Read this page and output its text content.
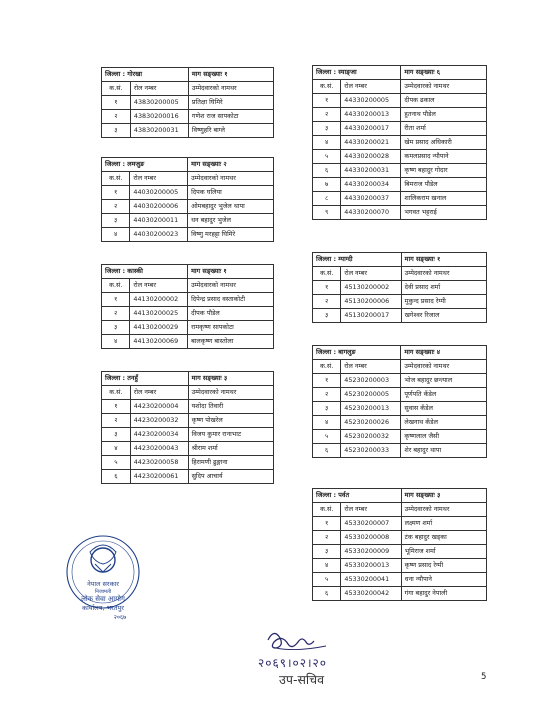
जिल्ला : गोरखा		माग सङ्ख्याः १
क.सं.	रोल नम्बर	उम्मेदवारको नामथर
१	43830200005	प्रतिक्षा घिमिरे
२	43830200016	गणेश राज सापकोटा
३	43830200031	विष्णुहरि बाग्ले
जिल्ला : लमजुङ		माग सङ्ख्याः २
क.सं.	रोल नम्बर	उम्मेदवारको नामथर
१	44030200005	दिपक घलिया
२	44030200006	ओमबहादुर भुजेल थापा
३	44030200011	धन बहादुर भुजेल
४	44030200023	विष्णु मरहट्टा घिमिरे
जिल्ला : कास्की		माग सङ्ख्याः १
क.सं.	रोल नम्बर	उम्मेदवारको नामथर
१	44130200002	दिपेन्द्र प्रसाद वस्ताकोटी
२	44130200025	दीपक पौडेल
३	44130200029	रामकृष्ण सापकोटा
४	44130200069	बालकृष्ण बास्तोला
जिल्ला : तनहुँ		माग सङ्ख्याः ३
क.सं.	रोल नम्बर	उम्मेदवारको नामथर
१	44230200004	यशोदा तिवारी
२	44230200032	कृष्ण पोखरेल
३	44230200034	विजय कुमार रानाभाट
४	44230200043	श्रीराम शर्मा
५	44230200058	हिरामणी ढुङ्गाना
६	44230200061	सुदिप आचार्य
जिल्ला : स्याङ्जा		माग सङ्ख्याः ६
क.सं.	रोल नम्बर	उम्मेदवारको नामथर
१	44330200005	दीपक ढकाल
२	44330200013	हुतनाथ पौडेल
३	44330200017	रीता शर्मा
४	44330200021	खेम प्रसाद अधिकारी
५	44330200028	कमलप्रसाद न्यौपाने
६	44330200031	कृष्ण बहादुर गोदार
७	44330200034	बिमराज पौडेल
८	44330200037	शालिकराम खनाल
९	44330200070	भगवत भट्टराई
जिल्ला : म्याग्दी		माग सङ्ख्याः १
क.सं.	रोल नम्बर	उम्मेदवारको नामथर
१	45130200002	देवी प्रसाद शर्मा
२	45130200006	मुकुन्द प्रसाद रेग्मी
३	45130200017	खगेश्वर रिजाल
जिल्ला : बागलुङ		माग सङ्ख्याः ४
क.सं.	रोल नम्बर	उम्मेदवारको नामथर
१	45230200003	भोज बहादुर छन्त्याल
२	45230200005	पूर्णपति कँडेल
३	45230200013	सुवास कँडेल
४	45230200026	लेखनाथ कँडेल
५	45230200032	कृष्णलाल जैसी
६	45230200033	शेर बहादुर थापा
जिल्ला : पर्वत		माग सङ्ख्याः ३
क.सं.	रोल नम्बर	उम्मेदवारको नामथर
१	45330200007	लक्ष्मण शर्मा
२	45330200008	टंक बहादुर खड्का
३	45330200009	भूमिराज शर्मा
४	45330200013	कृष्ण प्रसाद रेग्मी
५	45330200041	धना न्यौपाने
६	45330200042	गंगा बहादुर नेपाली
नेपाल सरकार
निजामती
लोक सेवा आयोग
कार्यालय, भरतपुर
२०६७
२०६९।०२।२०
उप-सचिव	5
